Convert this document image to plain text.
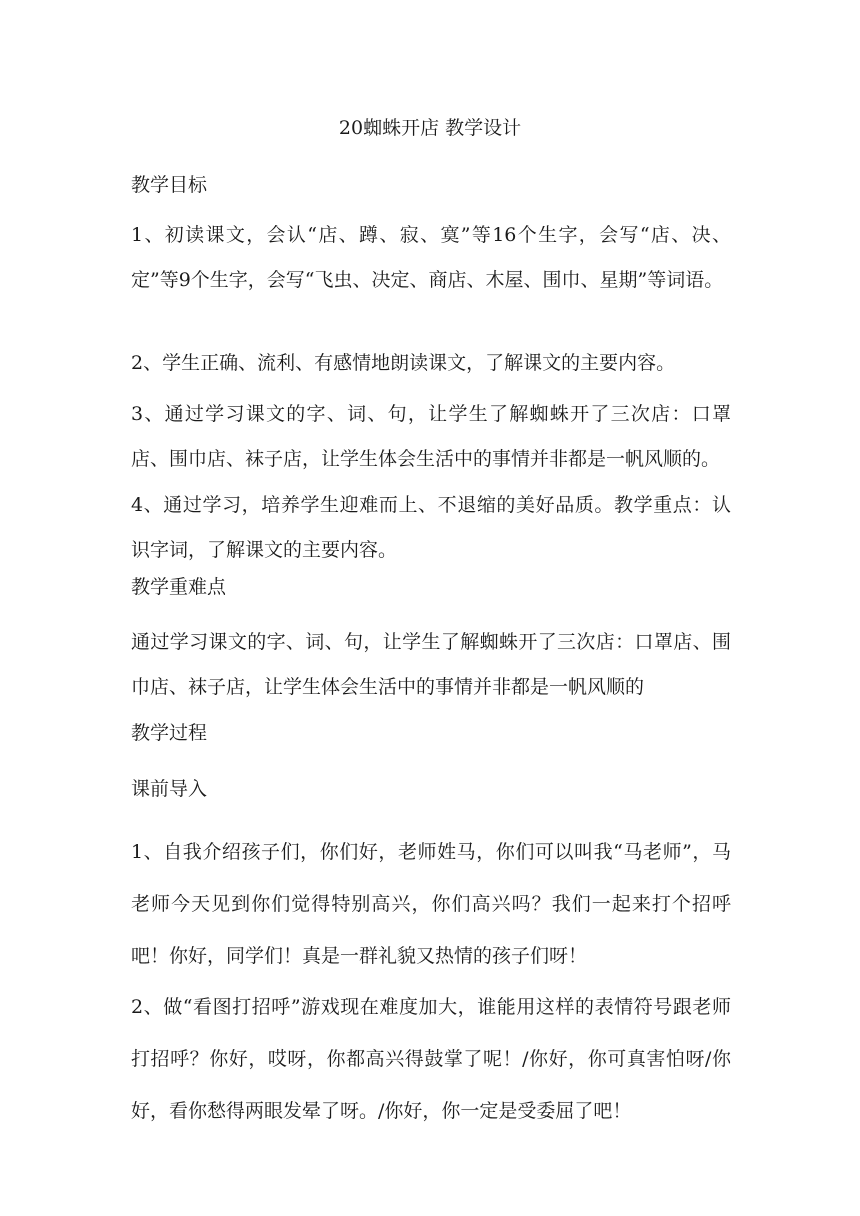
20蜘蛛开店 教学设计
教学目标
1、初读课文，会认“店、蹲、寂、寞”等16个生字，会写“店、决、定”等9个生字，会写“飞虫、决定、商店、木屋、围巾、星期”等词语。
2、学生正确、流利、有感情地朗读课文，了解课文的主要内容。
3、通过学习课文的字、词、句，让学生了解蜘蛛开了三次店：口罩店、围巾店、袜子店，让学生体会生活中的事情并非都是一帆风顺的。
4、通过学习，培养学生迎难而上、不退缩的美好品质。教学重点：认识字词，了解课文的主要内容。
教学重难点
通过学习课文的字、词、句，让学生了解蜘蛛开了三次店：口罩店、围巾店、袜子店，让学生体会生活中的事情并非都是一帆风顺的
教学过程
课前导入
1、自我介绍孩子们，你们好，老师姓马，你们可以叫我“马老师”，马老师今天见到你们觉得特别高兴，你们高兴吗？我们一起来打个招呼吧！你好，同学们！真是一群礼貌又热情的孩子们呀！
2、做“看图打招呼”游戏现在难度加大，谁能用这样的表情符号跟老师打招呼？你好，哎呀，你都高兴得鼓掌了呢！/你好，你可真害怕呀/你好，看你愁得两眼发晕了呀。/你好，你一定是受委屈了吧！
